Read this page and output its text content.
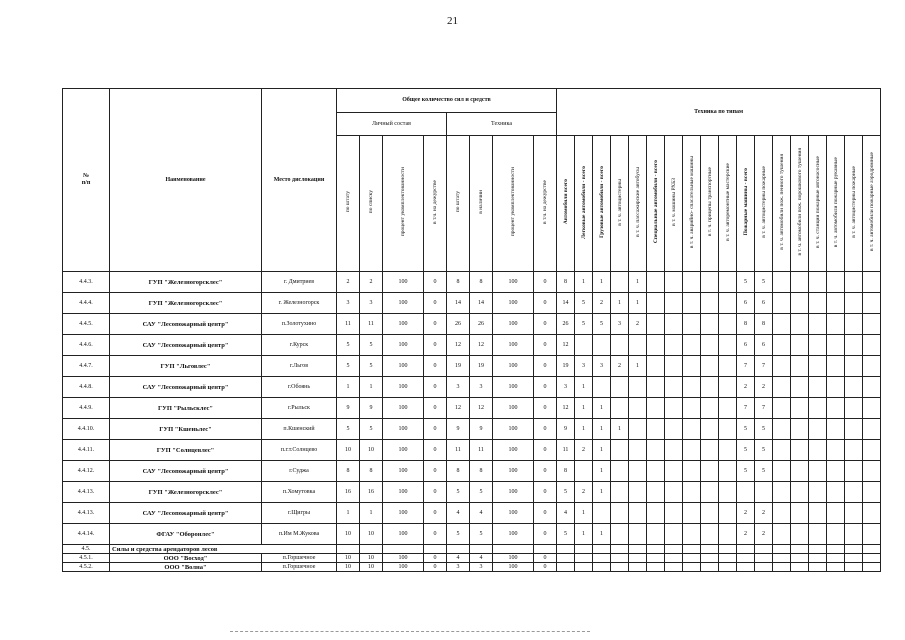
21
№
п/п	Наименование	Место дислокации	Общее количество сил и средств								Техника по типам																	
			Личный состав				Техника																					
			по штату	по списку	процент укомплектованности	в т.ч. на дежурстве	по штату	в наличии	процент укомплектованности	в т.ч. на дежурстве	Автомобили всего	Легковые автомобили - всего	Грузовые автомобили - всего	в т. ч. автоцистерны	в т. ч. пассажирские автобусы	Специальные автомобили - всего	в т. ч. машины РХБЗ	в т. ч. аварийно- спасательные машины	в т. ч. прицепы транспортные	в т. ч. авторемонтные мастерские	Пожарные машины - всего	в т. ч. автоцистерны пожарные	в т. ч. автомобили пож. пенного тушения	в т. ч. автомобили пож. порошкового тушения	в т. ч. станции пожарные автонасосные	в т. ч. автомобили пожарные рукавные	в т. ч. автоцистерны пожарные	в т. ч. автомобили пожарные аэродромные
4.4.3.	ГУП "Железногорсклес"	г. Дмитриев	2	2	100	0	8	8	100	0	8	1	1		1						5	5						
4.4.4.	ГУП "Железногорсклес"	г. Железногорск	3	3	100	0	14	14	100	0	14	5	2	1	1						6	6						
4.4.5.	САУ "Лесопожарный центр"	п.Золотухино	11	11	100	0	26	26	100	0	26	5	5	3	2						8	8						
4.4.6.	САУ "Лесопожарный центр"	г.Курск	5	5	100	0	12	12	100	0	12										6	6						
4.4.7.	ГУП "Льговлес"	г.Льгов	5	5	100	0	19	19	100	0	19	3	3	2	1						7	7						
4.4.8.	САУ "Лесопожарный центр"	г.Обоянь	1	1	100	0	3	3	100	0	3	1									2	2						
4.4.9.	ГУП "Рыльсклес"	г.Рыльск	9	9	100	0	12	12	100	0	12	1	1								7	7						
4.4.10.	ГУП "Кшеньлес"	п.Кшенский	5	5	100	0	9	9	100	0	9	1	1	1							5	5						
4.4.11.	ГУП "Солнцевлес"	п.г.т.Солнцево	10	10	100	0	11	11	100	0	11	2	1								5	5						
4.4.12.	САУ "Лесопожарный центр"	г.Суджа	8	8	100	0	8	8	100	0	8		1								5	5						
4.4.13.	ГУП "Железногорсклес"	п.Хомутовка	16	16	100	0	5	5	100	0	5	2	1															
4.4.13.	САУ "Лесопожарный центр"	г.Щигры	1	1	100	0	4	4	100	0	4	1									2	2						
4.4.14.	ФГАУ "Оборонлес"	п.Им М.Жукова	10	10	100	0	5	5	100	0	5	1	1								2	2						
4.5.	Силы и средства арендаторов лесов																											
4.5.1.	ООО "Восход"	п.Горшечное	10	10	100	0	4	4	100	0																		
4.5.2.	ООО "Волна"	п.Горшечное	10	10	100	0	3	3	100	0																		
